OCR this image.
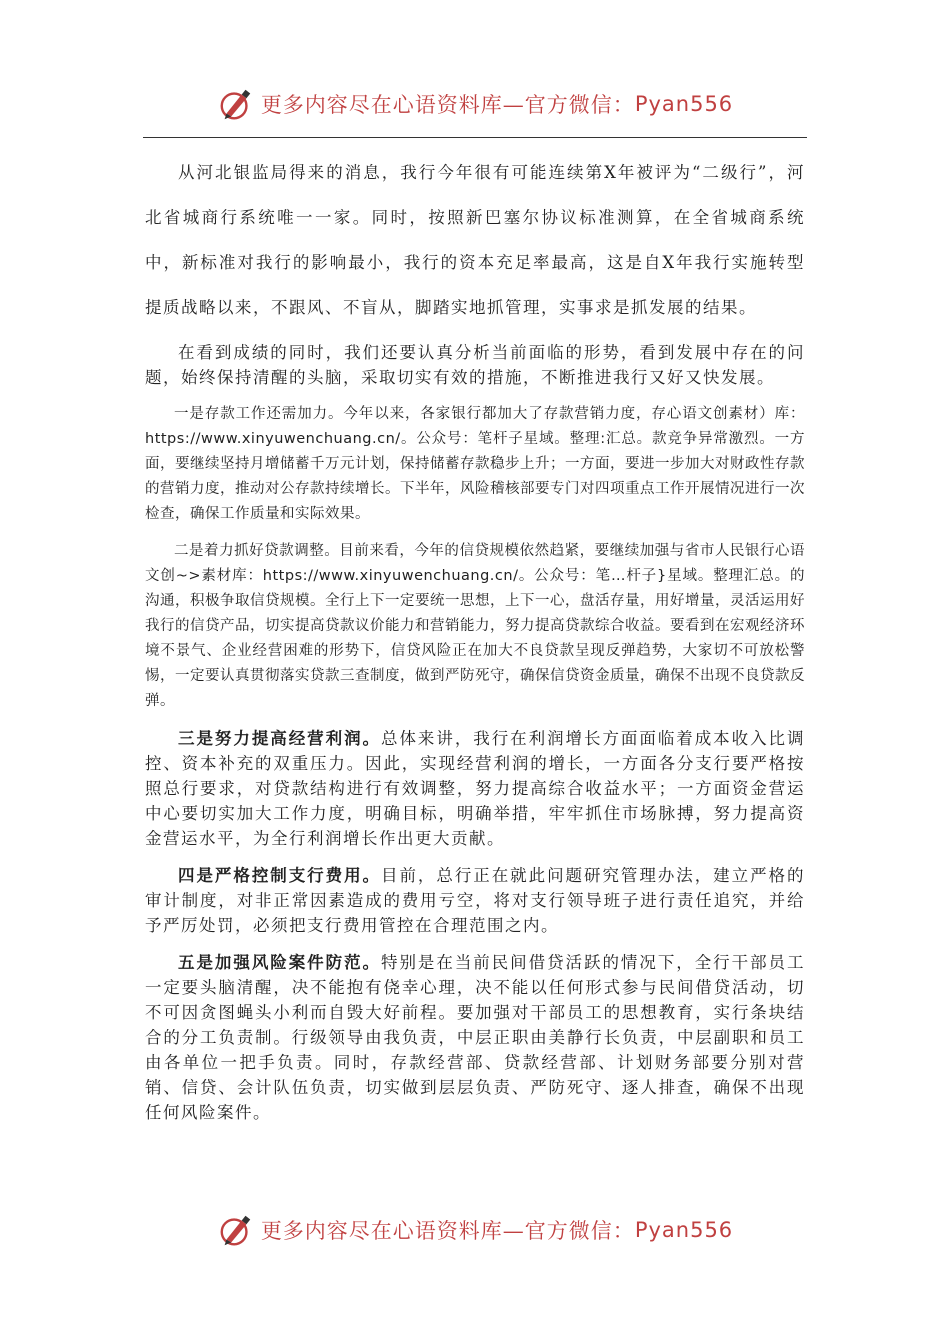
更多内容尽在心语资料库—官方微信： Pyan556

从河北银监局得来的消息，我行今年很有可能连续第X年被评为“二级行”，河北省城商行系统唯一一家。同时，按照新巴塞尔协议标准测算，在全省城商系统中，新标准对我行的影响最小，我行的资本充足率最高，这是自X年我行实施转型提质战略以来，不跟风、不盲从，脚踏实地抓管理，实事求是抓发展的结果。

在看到成绩的同时，我们还要认真分析当前面临的形势，看到发展中存在的问题，始终保持清醒的头脑，采取切实有效的措施，不断推进我行又好又快发展。

一是存款工作还需加力。今年以来，各家银行都加大了存款营销力度，存心语文创素材）库：https://www.xinyuwenchuang.cn/。公众号：笔杆子星域。整理:汇总。款竞争异常激烈。一方面，要继续坚持月增储蓄千万元计划，保持储蓄存款稳步上升；一方面，要进一步加大对财政性存款的营销力度，推动对公存款持续增长。下半年，风险稽核部要专门对四项重点工作开展情况进行一次检查，确保工作质量和实际效果。

二是着力抓好贷款调整。目前来看，今年的信贷规模依然趋紧，要继续加强与省市人民银行心语文创~>素材库：https://www.xinyuwenchuang.cn/。公众号：笔…杆子}星域。整理汇总。的沟通，积极争取信贷规模。全行上下一定要统一思想，上下一心，盘活存量，用好增量，灵活运用好我行的信贷产品，切实提高贷款议价能力和营销能力，努力提高贷款综合收益。要看到在宏观经济环境不景气、企业经营困难的形势下，信贷风险正在加大不良贷款呈现反弹趋势，大家切不可放松警惕，一定要认真贯彻落实贷款三查制度，做到严防死守，确保信贷资金质量，确保不出现不良贷款反弹。

三是努力提高经营利润。总体来讲，我行在利润增长方面面临着成本收入比调控、资本补充的双重压力。因此，实现经营利润的增长，一方面各分支行要严格按照总行要求，对贷款结构进行有效调整，努力提高综合收益水平；一方面资金营运中心要切实加大工作力度，明确目标，明确举措，牢牢抓住市场脉搏，努力提高资金营运水平，为全行利润增长作出更大贡献。

四是严格控制支行费用。目前，总行正在就此问题研究管理办法，建立严格的审计制度，对非正常因素造成的费用亏空，将对支行领导班子进行责任追究，并给予严厉处罚，必须把支行费用管控在合理范围之内。

五是加强风险案件防范。特别是在当前民间借贷活跃的情况下，全行干部员工一定要头脑清醒，决不能抱有侥幸心理，决不能以任何形式参与民间借贷活动，切不可因贪图蝇头小利而自毁大好前程。要加强对干部员工的思想教育，实行条块结合的分工负责制。行级领导由我负责，中层正职由美静行长负责，中层副职和员工由各单位一把手负责。同时，存款经营部、贷款经营部、计划财务部要分别对营销、信贷、会计队伍负责，切实做到层层负责、严防死守、逐人排查，确保不出现任何风险案件。

更多内容尽在心语资料库—官方微信： Pyan556
